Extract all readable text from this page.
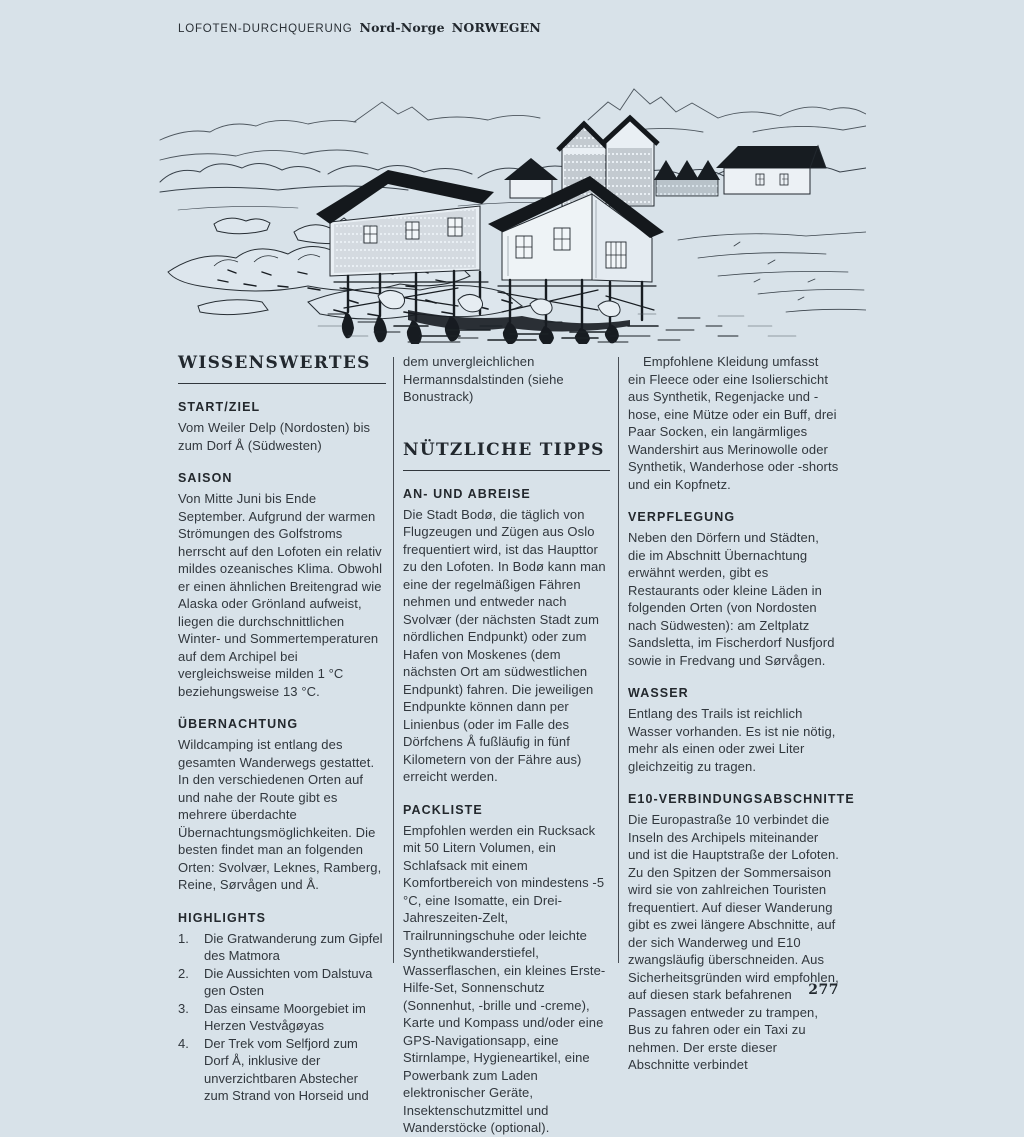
LOFOTEN-DURCHQUERUNG Nord-Norge NORWEGEN
WISSENSWERTES
START/ZIEL

Vom Weiler Delp (Nordosten) bis zum Dorf Å (Südwesten)

SAISON

Von Mitte Juni bis Ende September. Aufgrund der warmen Strömungen des Golfstroms herrscht auf den Lofoten ein relativ mildes ozeanisches Klima. Obwohl er einen ähnlichen Breitengrad wie Alaska oder Grönland aufweist, liegen die durchschnittlichen Winter- und Sommertemperaturen auf dem Archipel bei vergleichsweise milden 1 °C beziehungsweise 13 °C.

ÜBERNACHTUNG

Wildcamping ist entlang des gesamten Wanderwegs gestattet. In den verschiedenen Orten auf und nahe der Route gibt es mehrere überdachte Übernachtungsmöglichkeiten. Die besten findet man an folgenden Orten: Svolvær, Leknes, Ramberg, Reine, Sørvågen und Å.

HIGHLIGHTS
1.	Die Gratwanderung zum Gipfel des Matmora
2.	Die Aussichten vom Dalstuva gen Osten
3.	Das einsame Moorgebiet im Herzen Vestvågøyas
4.	Der Trek vom Selfjord zum Dorf Å, inklusive der unverzichtbaren Abstecher zum Strand von Horseid und

dem unvergleichlichen Hermannsdalstinden (siehe Bonustrack)

NÜTZLICHE TIPPS
AN- UND ABREISE

Die Stadt Bodø, die täglich von Flugzeugen und Zügen aus Oslo frequentiert wird, ist das Haupttor zu den Lofoten. In Bodø kann man eine der regelmäßigen Fähren nehmen und entweder nach Svolvær (der nächsten Stadt zum nördlichen Endpunkt) oder zum Hafen von Moskenes (dem nächsten Ort am südwestlichen Endpunkt) fahren. Die jeweiligen Endpunkte können dann per Linienbus (oder im Falle des Dörfchens Å fußläufig in fünf Kilometern von der Fähre aus) erreicht werden.

PACKLISTE

Empfohlen werden ein Rucksack mit 50 Litern Volumen, ein Schlafsack mit einem Komfortbereich von mindestens -5 °C, eine Isomatte, ein Drei-Jahreszeiten-Zelt, Trailrunningschuhe oder leichte Synthetikwanderstiefel, Wasserflaschen, ein kleines Erste-Hilfe-Set, Sonnenschutz (Sonnenhut, -brille und -creme), Karte und Kompass und/oder eine GPS-Navigationsapp, eine Stirnlampe, Hygieneartikel, eine Powerbank zum Laden elektronischer Geräte, Insektenschutzmittel und Wanderstöcke (optional).

Empfohlene Kleidung umfasst ein Fleece oder eine Isolierschicht aus Synthetik, Regenjacke und -hose, eine Mütze oder ein Buff, drei Paar Socken, ein langärmliges Wandershirt aus Merinowolle oder Synthetik, Wanderhose oder -shorts und ein Kopfnetz.

VERPFLEGUNG

Neben den Dörfern und Städten, die im Abschnitt Übernachtung erwähnt werden, gibt es Restaurants oder kleine Läden in folgenden Orten (von Nordosten nach Südwesten): am Zeltplatz Sandsletta, im Fischerdorf Nusfjord sowie in Fredvang und Sørvågen.

WASSER

Entlang des Trails ist reichlich Wasser vorhanden. Es ist nie nötig, mehr als einen oder zwei Liter gleichzeitig zu tragen.

E10-VERBINDUNGSABSCHNITTE

Die Europastraße 10 verbindet die Inseln des Archipels miteinander und ist die Hauptstraße der Lofoten. Zu den Spitzen der Sommersaison wird sie von zahlreichen Touristen frequentiert. Auf dieser Wanderung gibt es zwei längere Abschnitte, auf der sich Wanderweg und E10 zwangsläufig überschneiden. Aus Sicherheitsgründen wird empfohlen, auf diesen stark befahrenen Passagen entweder zu trampen, Bus zu fahren oder ein Taxi zu nehmen. Der erste dieser Abschnitte verbindet

277
